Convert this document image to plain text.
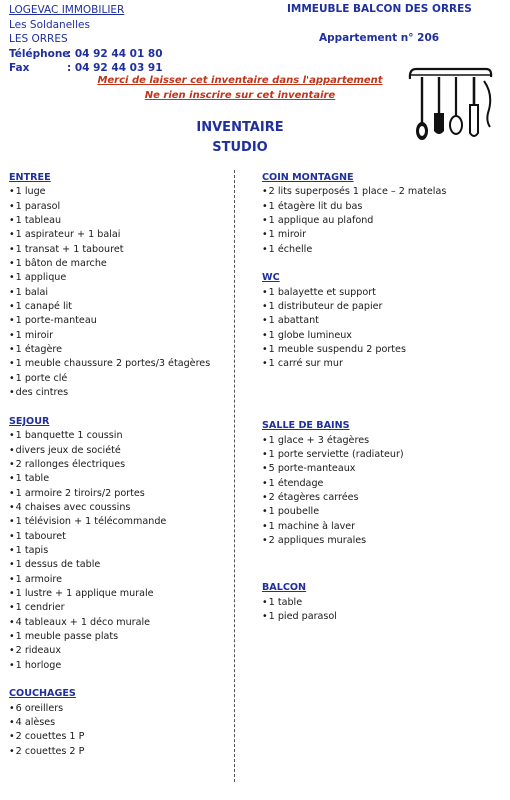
LOGEVAC IMMOBILIER
Les Soldanelles
LES ORRES
Téléphone: 04 92 44 01 80
Fax	: 04 92 44 03 91
IMMEUBLE BALCON DES ORRES
Appartement n° 206
Merci de laisser cet inventaire dans l'appartement
Ne rien inscrire sur cet inventaire
INVENTAIRE
STUDIO
ENTREE
• 1 luge
• 1 parasol
• 1 tableau
• 1 aspirateur + 1 balai
• 1 transat + 1 tabouret
• 1 bâton de marche
• 1 applique
• 1 balai
• 1 canapé lit
• 1 porte-manteau
• 1 miroir
• 1 étagère
• 1 meuble chaussure 2 portes/3 étagères
• 1 porte clé
• des cintres
SEJOUR
• 1 banquette 1 coussin
• divers jeux de société
• 2 rallonges électriques
• 1 table
• 1 armoire 2 tiroirs/2 portes
• 4 chaises avec coussins
• 1 télévision + 1 télécommande
• 1 tabouret
• 1 tapis
• 1 dessus de table
• 1 armoire
• 1 lustre + 1 applique murale
• 1 cendrier
• 4 tableaux + 1 déco murale
• 1 meuble passe plats
• 2 rideaux
• 1 horloge
COUCHAGES
• 6 oreillers
• 4 alèses
• 2 couettes 1 P
• 2 couettes 2 P
COIN MONTAGNE
• 2 lits superposés 1 place – 2 matelas
• 1 étagère lit du bas
• 1 applique au plafond
• 1 miroir
• 1 échelle
WC
• 1 balayette et support
• 1 distributeur de papier
• 1 abattant
• 1 globe lumineux
• 1 meuble suspendu 2 portes
• 1 carré sur mur
SALLE DE BAINS
• 1 glace + 3 étagères
• 1 porte serviette (radiateur)
• 5 porte-manteaux
• 1 étendage
• 2 étagères carrées
• 1 poubelle
• 1 machine à laver
• 2 appliques murales
BALCON
• 1 table
• 1 pied parasol
